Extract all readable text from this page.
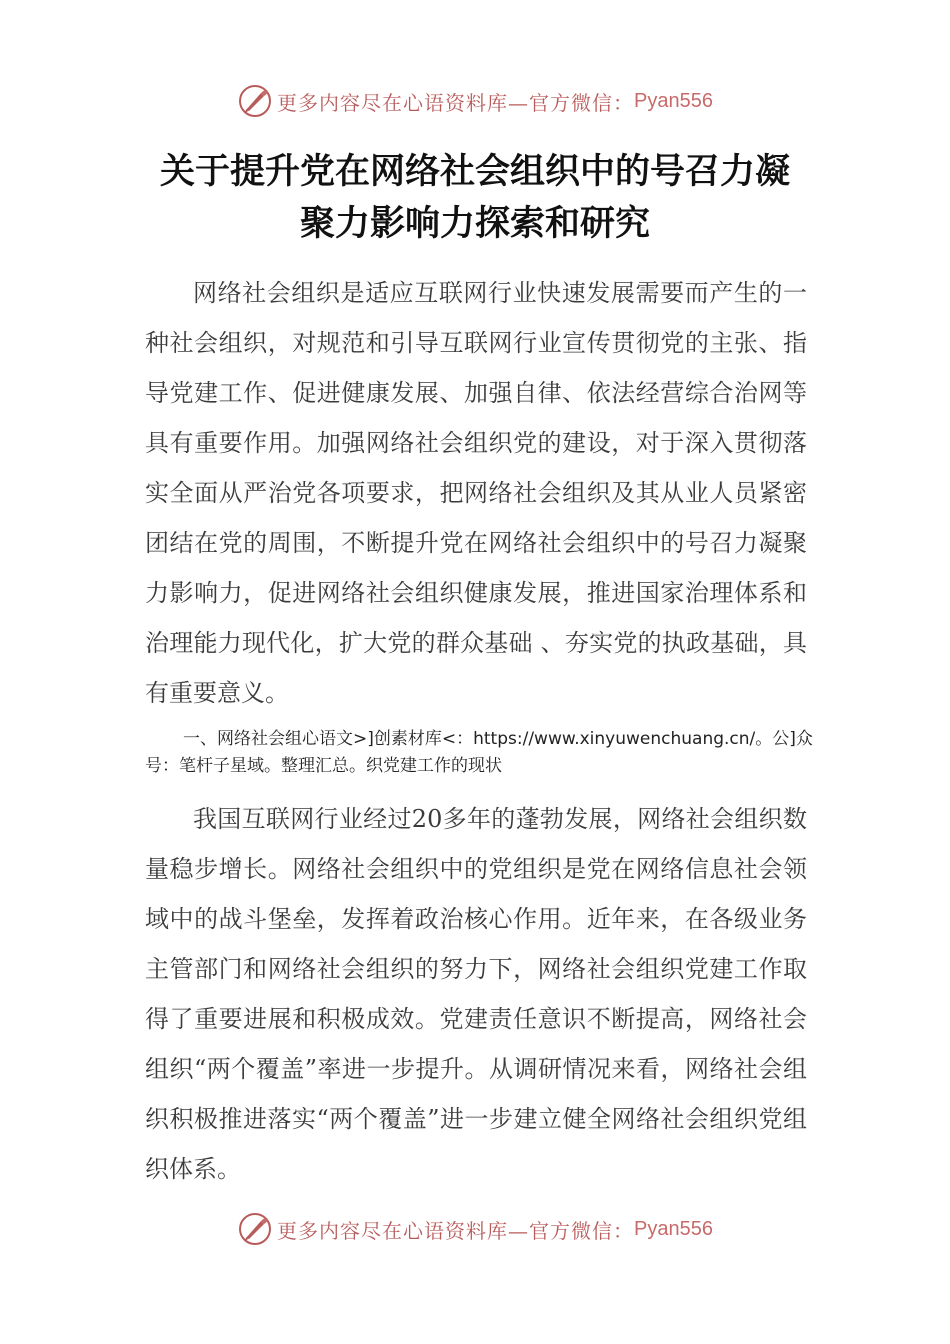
更多内容尽在心语资料库—官方微信： Pyan556
关于提升党在网络社会组织中的号召力凝
聚力影响力探索和研究

网络社会组织是适应互联网行业快速发展需要而产生的一种社会组织，对规范和引导互联网行业宣传贯彻党的主张、指导党建工作、促进健康发展、加强自律、依法经营综合治网等具有重要作用。加强网络社会组织党的建设，对于深入贯彻落实全面从严治党各项要求，把网络社会组织及其从业人员紧密团结在党的周围，不断提升党在网络社会组织中的号召力凝聚力影响力，促进网络社会组织健康发展，推进国家治理体系和治理能力现代化，扩大党的群众基础 、夯实党的执政基础，具有重要意义。

一、网络社会组心语文>]创素材库<：https://www.xinyuwenchuang.cn/。公]众号：笔杆子星域。整理汇总。织党建工作的现状

我国互联网行业经过20多年的蓬勃发展，网络社会组织数量稳步增长。网络社会组织中的党组织是党在网络信息社会领域中的战斗堡垒，发挥着政治核心作用。近年来，在各级业务主管部门和网络社会组织的努力下，网络社会组织党建工作取得了重要进展和积极成效。党建责任意识不断提高，网络社会组织“两个覆盖”率进一步提升。从调研情况来看，网络社会组织积极推进落实“两个覆盖”进一步建立健全网络社会组织党组织体系。

更多内容尽在心语资料库—官方微信： Pyan556
